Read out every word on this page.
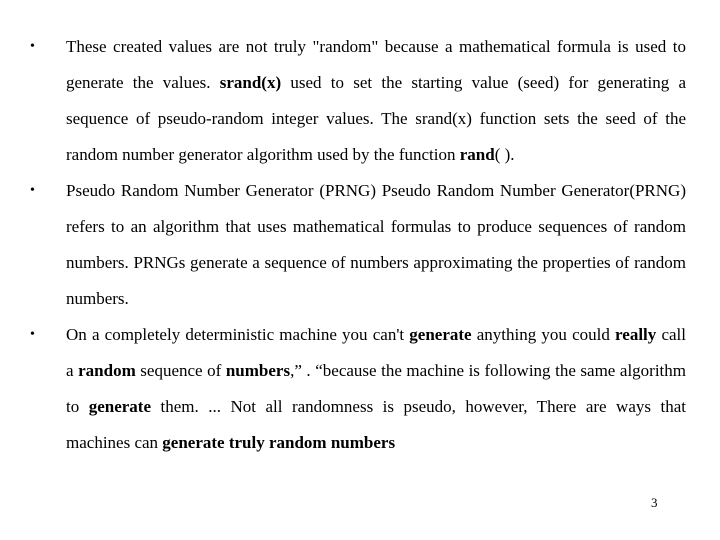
• These created values are not truly "random" because a mathematical formula is used to generate the values. srand(x) used to set the starting value (seed) for generating a sequence of pseudo-random integer values. The srand(x) function sets the seed of the random number generator algorithm used by the function rand( ).
• Pseudo Random Number Generator (PRNG) Pseudo Random Number Generator(PRNG) refers to an algorithm that uses mathematical formulas to produce sequences of random numbers. PRNGs generate a sequence of numbers approximating the properties of random numbers.
• On a completely deterministic machine you can't generate anything you could really call a random sequence of numbers,” . “because the machine is following the same algorithm to generate them. ... Not all randomness is pseudo, however, There are ways that machines can generate truly random numbers
3
